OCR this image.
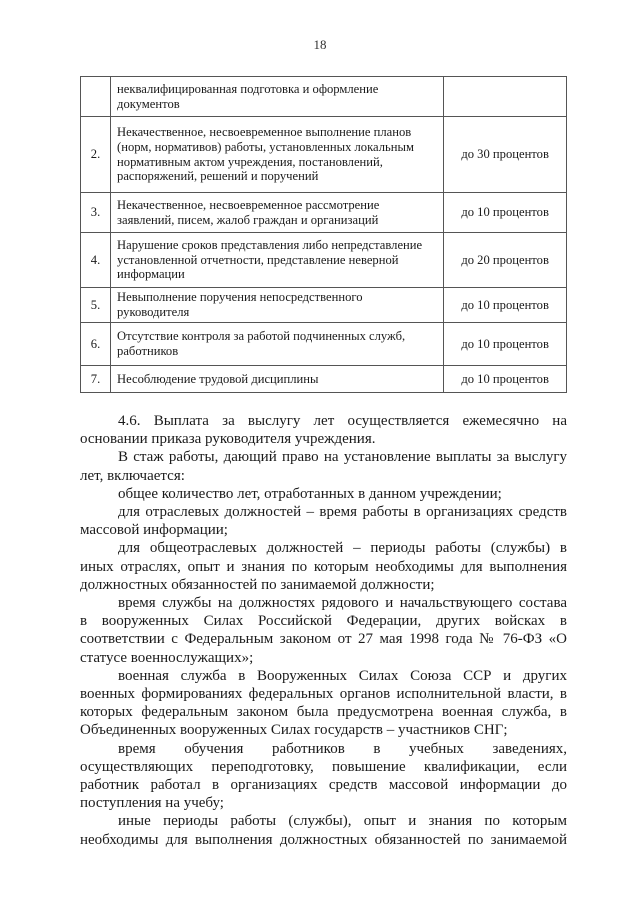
18

	неквалифицированная подготовка и оформление
документов	

2.	Некачественное, несвоевременное выполнение планов
(норм, нормативов) работы, установленных локальным
нормативным актом учреждения, постановлений,
распоряжений, решений и поручений	до 30 процентов
3.	Некачественное, несвоевременное рассмотрение
заявлений, писем, жалоб граждан и организаций	до 10 процентов
4.	Нарушение сроков представления либо непредставление
установленной отчетности, представление неверной
информации	до 20 процентов
5.	Невыполнение поручения непосредственного
руководителя	до 10 процентов
6.	Отсутствие контроля за работой подчиненных служб,
работников	до 10 процентов
7.	Несоблюдение трудовой дисциплины	до 10 процентов
4.6. Выплата за выслугу лет осуществляется ежемесячно на
основании приказа руководителя учреждения.
В стаж работы, дающий право на установление выплаты за выслугу
лет, включается:
общее количество лет, отработанных в данном учреждении;
для отраслевых должностей – время работы в организациях средств
массовой информации;
для общеотраслевых должностей – периоды работы (службы) в
иных отраслях, опыт и знания по которым необходимы для выполнения
должностных обязанностей по занимаемой должности;
время службы на должностях рядового и начальствующего состава
в вооруженных Силах Российской Федерации, других войсках в
соответствии с Федеральным законом от 27 мая 1998 года № 76-ФЗ «О
статусе военнослужащих»;
военная служба в Вооруженных Силах Союза ССР и других
военных формированиях федеральных органов исполнительной власти, в
которых федеральным законом была предусмотрена военная служба, в
Объединенных вооруженных Силах государств – участников СНГ;
время обучения работников в учебных заведениях,
осуществляющих переподготовку, повышение квалификации, если
работник работал в организациях средств массовой информации до
поступления на учебу;
иные периоды работы (службы), опыт и знания по которым
необходимы для выполнения должностных обязанностей по занимаемой
